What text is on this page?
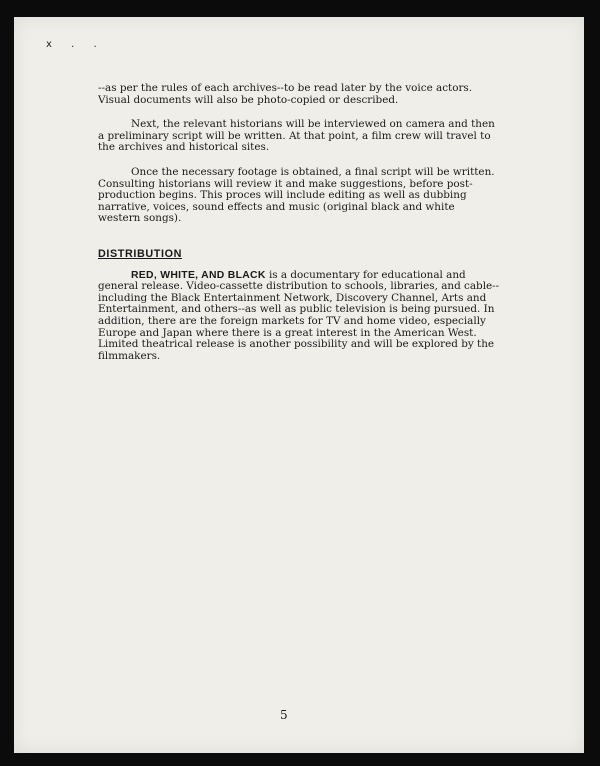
x . .

--as per the rules of each archives--to be read later by the voice actors. Visual documents will also be photo-copied or described.

Next, the relevant historians will be interviewed on camera and then a preliminary script will be written. At that point, a film crew will travel to the archives and historical sites.

Once the necessary footage is obtained, a final script will be written. Consulting historians will review it and make suggestions, before post-production begins. This proces will include editing as well as dubbing narrative, voices, sound effects and music (original black and white western songs).

DISTRIBUTION

RED, WHITE, AND BLACK is a documentary for educational and general release. Video-cassette distribution to schools, libraries, and cable--including the Black Entertainment Network, Discovery Channel, Arts and Entertainment, and others--as well as public television is being pursued. In addition, there are the foreign markets for TV and home video, especially Europe and Japan where there is a great interest in the American West. Limited theatrical release is another possibility and will be explored by the filmmakers.

5
